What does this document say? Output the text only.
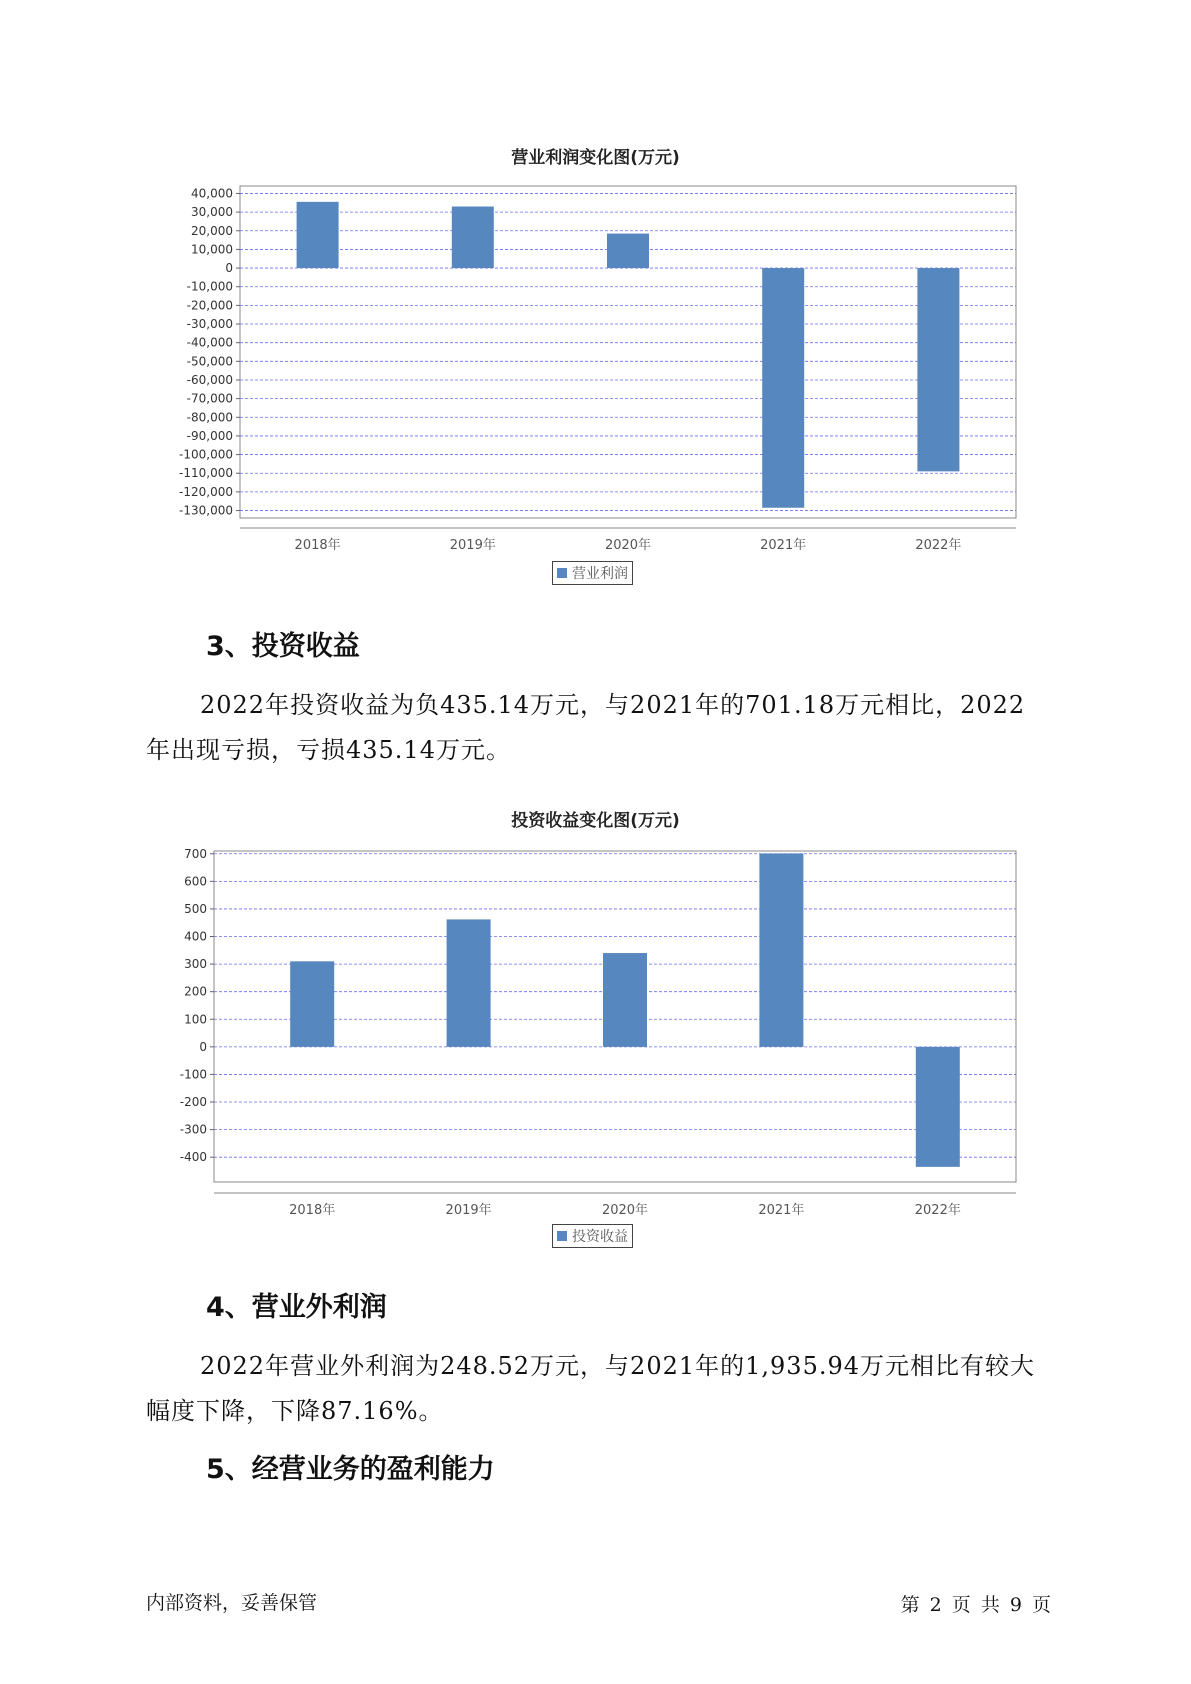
营业利润变化图(万元)
40,000
30,000
20,000
10,000
0
-10,000
-20,000
-30,000
-40,000
-50,000
-60,000
-70,000
-80,000
-90,000
-100,000
-110,000
-120,000
-130,000
2018年	2019年	2020年	2021年	2022年
营业利润
3、投资收益
2022年投资收益为负435.14万元，与2021年的701.18万元相比，2022年出现亏损，亏损435.14万元。
投资收益变化图(万元)
700
600
500
400
300
200
100
0
-100
-200
-300
-400
2018年	2019年	2020年	2021年	2022年
投资收益
4、营业外利润
2022年营业外利润为248.52万元，与2021年的1,935.94万元相比有较大幅度下降，下降87.16%。
5、经营业务的盈利能力
内部资料，妥善保管	第 2 页 共 9 页
